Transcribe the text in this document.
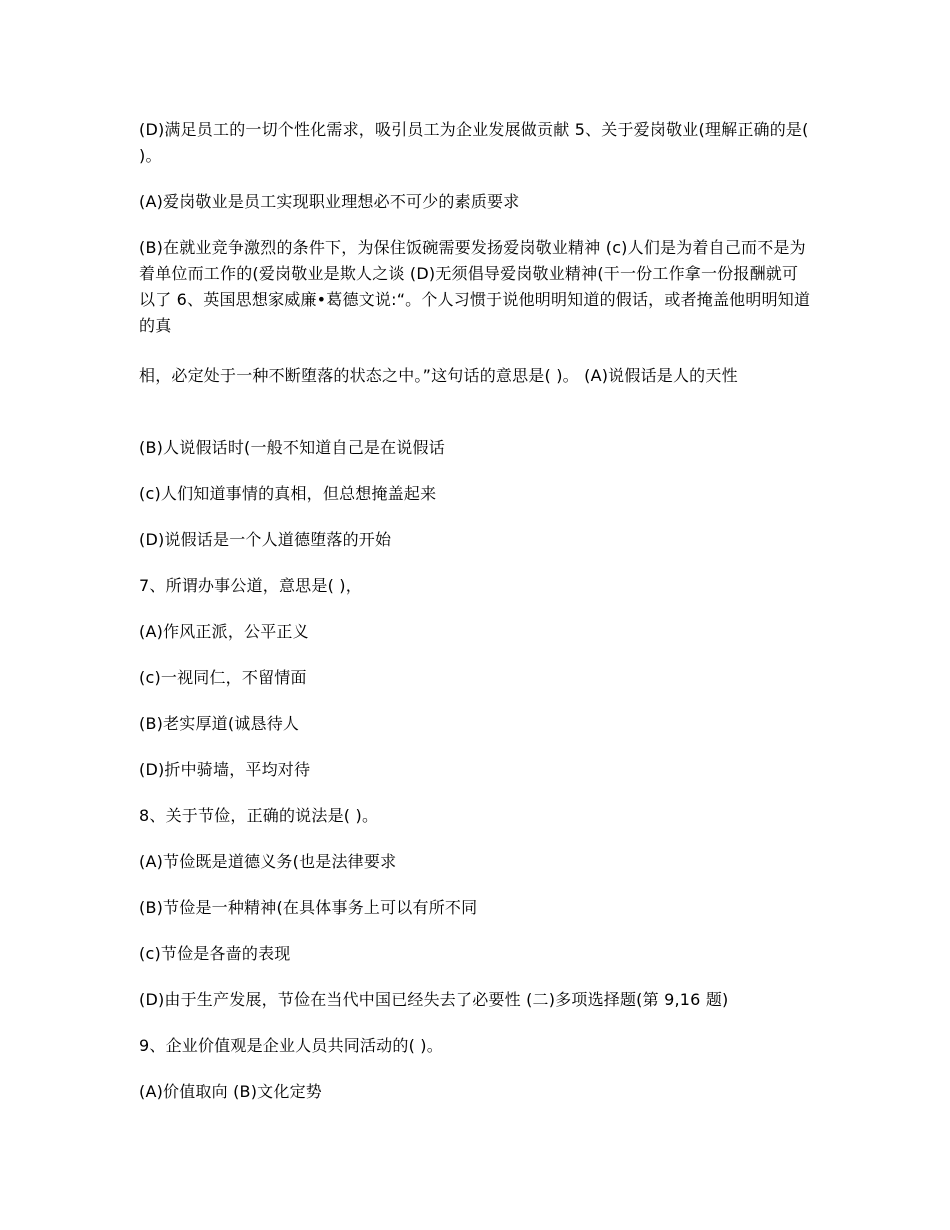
(D)满足员工的一切个性化需求，吸引员工为企业发展做贡献 5、关于爱岗敬业(理解正确的是( )。

(A)爱岗敬业是员工实现职业理想必不可少的素质要求

(B)在就业竞争激烈的条件下，为保住饭碗需要发扬爱岗敬业精神 (c)人们是为着自己而不是为着单位而工作的(爱岗敬业是欺人之谈 (D)无须倡导爱岗敬业精神(干一份工作拿一份报酬就可以了 6、英国思想家威廉•葛德文说:“。个人习惯于说他明明知道的假话，或者掩盖他明明知道的真

相，必定处于一种不断堕落的状态之中。”这句话的意思是( )。 (A)说假话是人的天性

(B)人说假话时(一般不知道自己是在说假话

(c)人们知道事情的真相，但总想掩盖起来

(D)说假话是一个人道德堕落的开始

7、所谓办事公道，意思是( )，

(A)作风正派，公平正义

(c)一视同仁，不留情面

(B)老实厚道(诚恳待人

(D)折中骑墙，平均对待

8、关于节俭，正确的说法是( )。

(A)节俭既是道德义务(也是法律要求

(B)节俭是一种精神(在具体事务上可以有所不同

(c)节俭是各啬的表现

(D)由于生产发展，节俭在当代中国已经失去了必要性 (二)多项选择题(第 9,16 题)

9、企业价值观是企业人员共同活动的( )。

(A)价值取向 (B)文化定势
